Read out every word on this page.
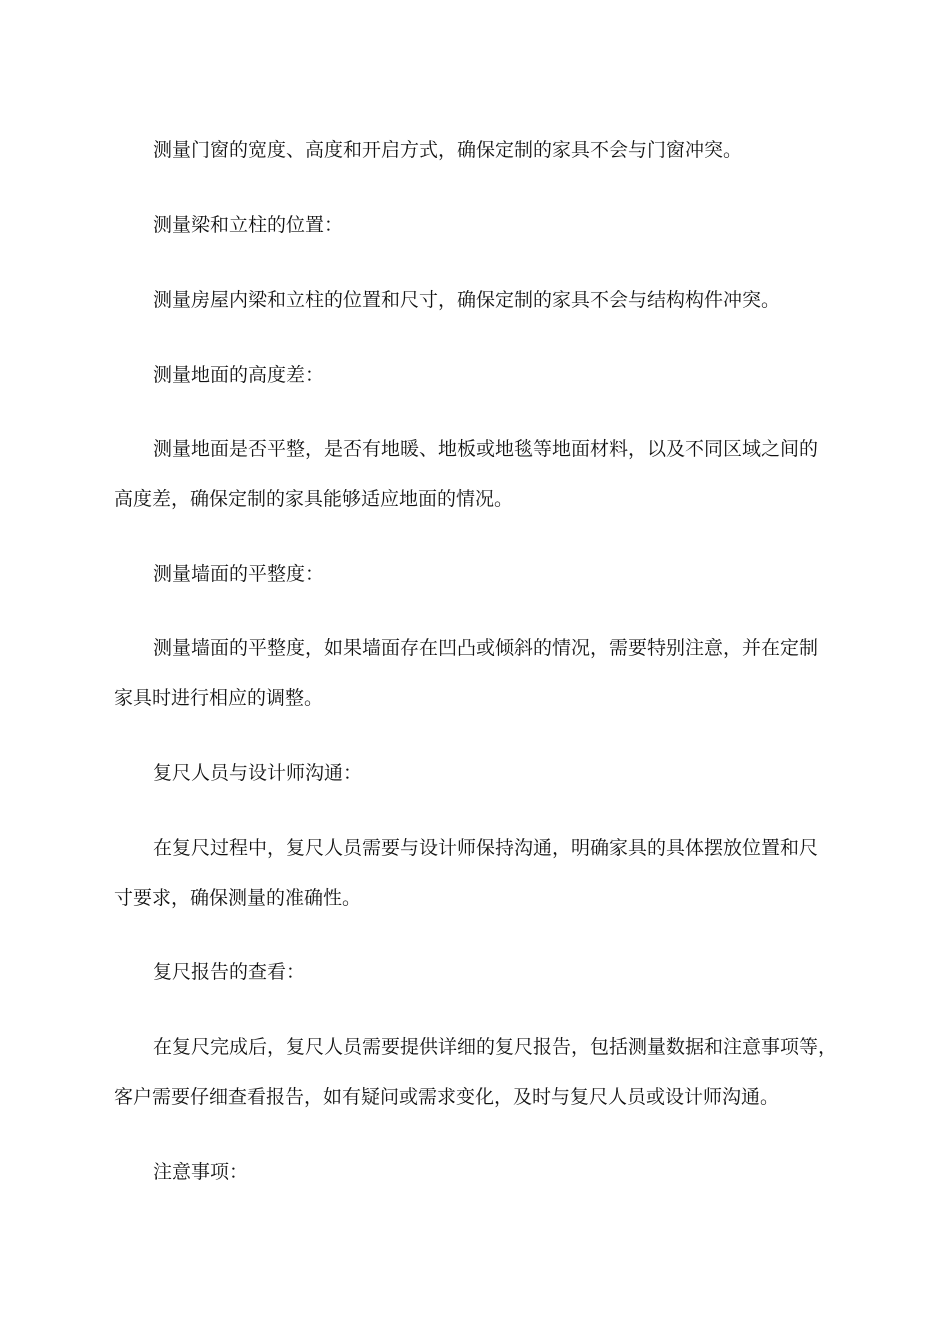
测量门窗的宽度、高度和开启方式，确保定制的家具不会与门窗冲突。

测量梁和立柱的位置：

测量房屋内梁和立柱的位置和尺寸，确保定制的家具不会与结构构件冲突。

测量地面的高度差：

测量地面是否平整，是否有地暖、地板或地毯等地面材料，以及不同区域之间的

高度差，确保定制的家具能够适应地面的情况。

测量墙面的平整度：

测量墙面的平整度，如果墙面存在凹凸或倾斜的情况，需要特别注意，并在定制

家具时进行相应的调整。

复尺人员与设计师沟通：

在复尺过程中，复尺人员需要与设计师保持沟通，明确家具的具体摆放位置和尺

寸要求，确保测量的准确性。

复尺报告的查看：

在复尺完成后，复尺人员需要提供详细的复尺报告，包括测量数据和注意事项等，

客户需要仔细查看报告，如有疑问或需求变化，及时与复尺人员或设计师沟通。

注意事项：
